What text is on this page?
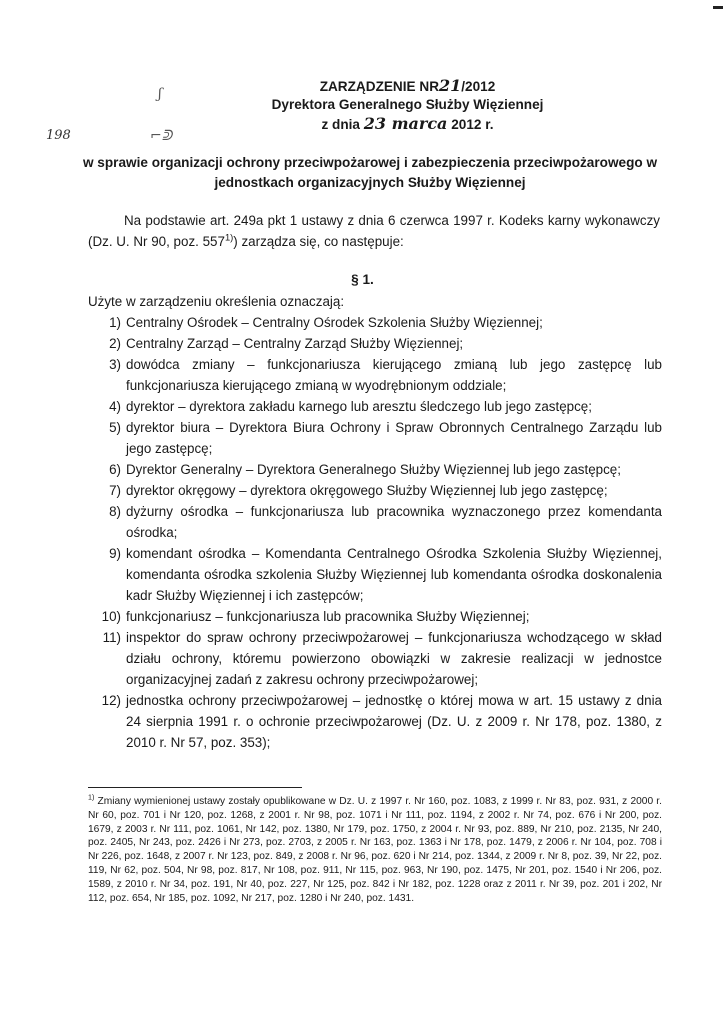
198
ʃ
⌐ᕲ
ZARZĄDZENIE NR21/2012
Dyrektora Generalnego Służby Więziennej
z dnia 23 marca 2012 r.
w sprawie organizacji ochrony przeciwpożarowej i zabezpieczenia przeciwpożarowego w jednostkach organizacyjnych Służby Więziennej
Na podstawie art. 249a pkt 1 ustawy z dnia 6 czerwca 1997 r. Kodeks karny wykonawczy (Dz. U. Nr 90, poz. 557$^{1)}$) zarządza się, co następuje:
§ 1.
Użyte w zarządzeniu określenia oznaczają:
1) Centralny Ośrodek – Centralny Ośrodek Szkolenia Służby Więziennej;
2) Centralny Zarząd – Centralny Zarząd Służby Więziennej;
3) dowódca zmiany – funkcjonariusza kierującego zmianą lub jego zastępcę lub funkcjonariusza kierującego zmianą w wyodrębnionym oddziale;
4) dyrektor – dyrektora zakładu karnego lub aresztu śledczego lub jego zastępcę;
5) dyrektor biura – Dyrektora Biura Ochrony i Spraw Obronnych Centralnego Zarządu lub jego zastępcę;
6) Dyrektor Generalny – Dyrektora Generalnego Służby Więziennej lub jego zastępcę;
7) dyrektor okręgowy – dyrektora okręgowego Służby Więziennej lub jego zastępcę;
8) dyżurny ośrodka – funkcjonariusza lub pracownika wyznaczonego przez komendanta ośrodka;
9) komendant ośrodka – Komendanta Centralnego Ośrodka Szkolenia Służby Więziennej, komendanta ośrodka szkolenia Służby Więziennej lub komendanta ośrodka doskonalenia kadr Służby Więziennej i ich zastępców;
10) funkcjonariusz – funkcjonariusza lub pracownika Służby Więziennej;
11) inspektor do spraw ochrony przeciwpożarowej – funkcjonariusza wchodzącego w skład działu ochrony, któremu powierzono obowiązki w zakresie realizacji w jednostce organizacyjnej zadań z zakresu ochrony przeciwpożarowej;
12) jednostka ochrony przeciwpożarowej – jednostkę o której mowa w art. 15 ustawy z dnia 24 sierpnia 1991 r. o ochronie przeciwpożarowej (Dz. U. z 2009 r. Nr 178, poz. 1380, z 2010 r. Nr 57, poz. 353);
$^{1)}$ Zmiany wymienionej ustawy zostały opublikowane w Dz. U. z 1997 r. Nr 160, poz. 1083, z 1999 r. Nr 83, poz. 931, z 2000 r. Nr 60, poz. 701 i Nr 120, poz. 1268, z 2001 r. Nr 98, poz. 1071 i Nr 111, poz. 1194, z 2002 r. Nr 74, poz. 676 i Nr 200, poz. 1679, z 2003 r. Nr 111, poz. 1061, Nr 142, poz. 1380, Nr 179, poz. 1750, z 2004 r. Nr 93, poz. 889, Nr 210, poz. 2135, Nr 240, poz. 2405, Nr 243, poz. 2426 i Nr 273, poz. 2703, z 2005 r. Nr 163, poz. 1363 i Nr 178, poz. 1479, z 2006 r. Nr 104, poz. 708 i Nr 226, poz. 1648, z 2007 r. Nr 123, poz. 849, z 2008 r. Nr 96, poz. 620 i Nr 214, poz. 1344, z 2009 r. Nr 8, poz. 39, Nr 22, poz. 119, Nr 62, poz. 504, Nr 98, poz. 817, Nr 108, poz. 911, Nr 115, poz. 963, Nr 190, poz. 1475, Nr 201, poz. 1540 i Nr 206, poz. 1589, z 2010 r. Nr 34, poz. 191, Nr 40, poz. 227, Nr 125, poz. 842 i Nr 182, poz. 1228 oraz z 2011 r. Nr 39, poz. 201 i 202, Nr 112, poz. 654, Nr 185, poz. 1092, Nr 217, poz. 1280 i Nr 240, poz. 1431.
